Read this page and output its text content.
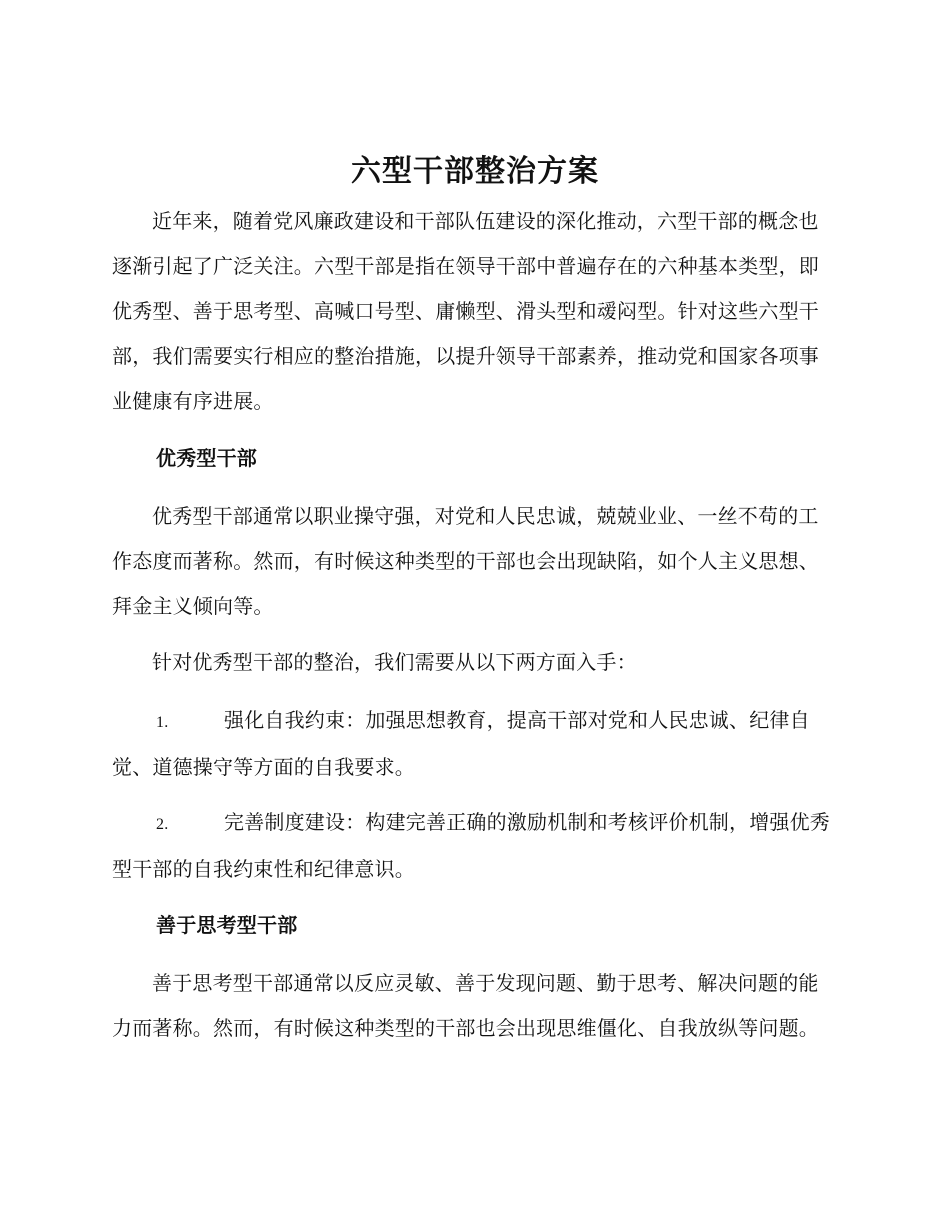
六型干部整治方案
近年来，随着党风廉政建设和干部队伍建设的深化推动，六型干部的概念也逐渐引起了广泛关注。六型干部是指在领导干部中普遍存在的六种基本类型，即优秀型、善于思考型、高喊口号型、庸懒型、滑头型和叆闷型。针对这些六型干部，我们需要实行相应的整治措施，以提升领导干部素养，推动党和国家各项事业健康有序进展。
优秀型干部
优秀型干部通常以职业操守强，对党和人民忠诚，兢兢业业、一丝不苟的工作态度而著称。然而，有时候这种类型的干部也会出现缺陷，如个人主义思想、拜金主义倾向等。
针对优秀型干部的整治，我们需要从以下两方面入手：
1.	强化自我约束：加强思想教育，提高干部对党和人民忠诚、纪律自觉、道德操守等方面的自我要求。
2.	完善制度建设：构建完善正确的激励机制和考核评价机制，增强优秀型干部的自我约束性和纪律意识。
善于思考型干部
善于思考型干部通常以反应灵敏、善于发现问题、勤于思考、解决问题的能力而著称。然而，有时候这种类型的干部也会出现思维僵化、自我放纵等问题。
